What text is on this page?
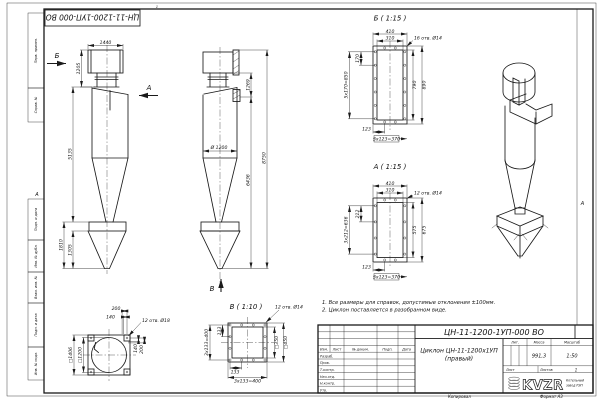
1
А
А
ЦН-11-1200-1УП-000 ВО
Перв. примен.
Справ. №
Подп. и дата
Инв. № дубл.
Взам. инв. №
Подп. и дата
Инв. № подл.
1440
1205
5135
1810 1305
Б
А
Ø 1200
1269
6436
8750
В
Б ( 1:15 )
410
310	16 отв. Ø14
170
5х170=850	790 890
123
3х123=370
А ( 1:15 )
410
310
12 отв. Ø14
212
3х212=636	575 675
123
3х123=370
В ( 1:10 )	12 отв. Ø14
133
3х133=400	□350 □450
133
3х133=400
200
140
12 отв. Ø18
□1406 □1200	140 200
1. Все размеры для справок, допустимые отклонения ±100мм.
2. Циклон поставляется в разобранном виде.
ЦН-11-1200-1УП-000 ВО
Циклон ЦН-11-1200х1УП
(правый)
Лит.	Масса	Масштаб
991,3	1:50
Лист	Листов	1
Изм. Лист	№ докум.	Подп.	Дата
Разраб.
Пров.
Т.контр.
Нач.отд.
Н.контр.
Утв.	KVZR Котельный
завод РЭП
Копировал	Формат А3
